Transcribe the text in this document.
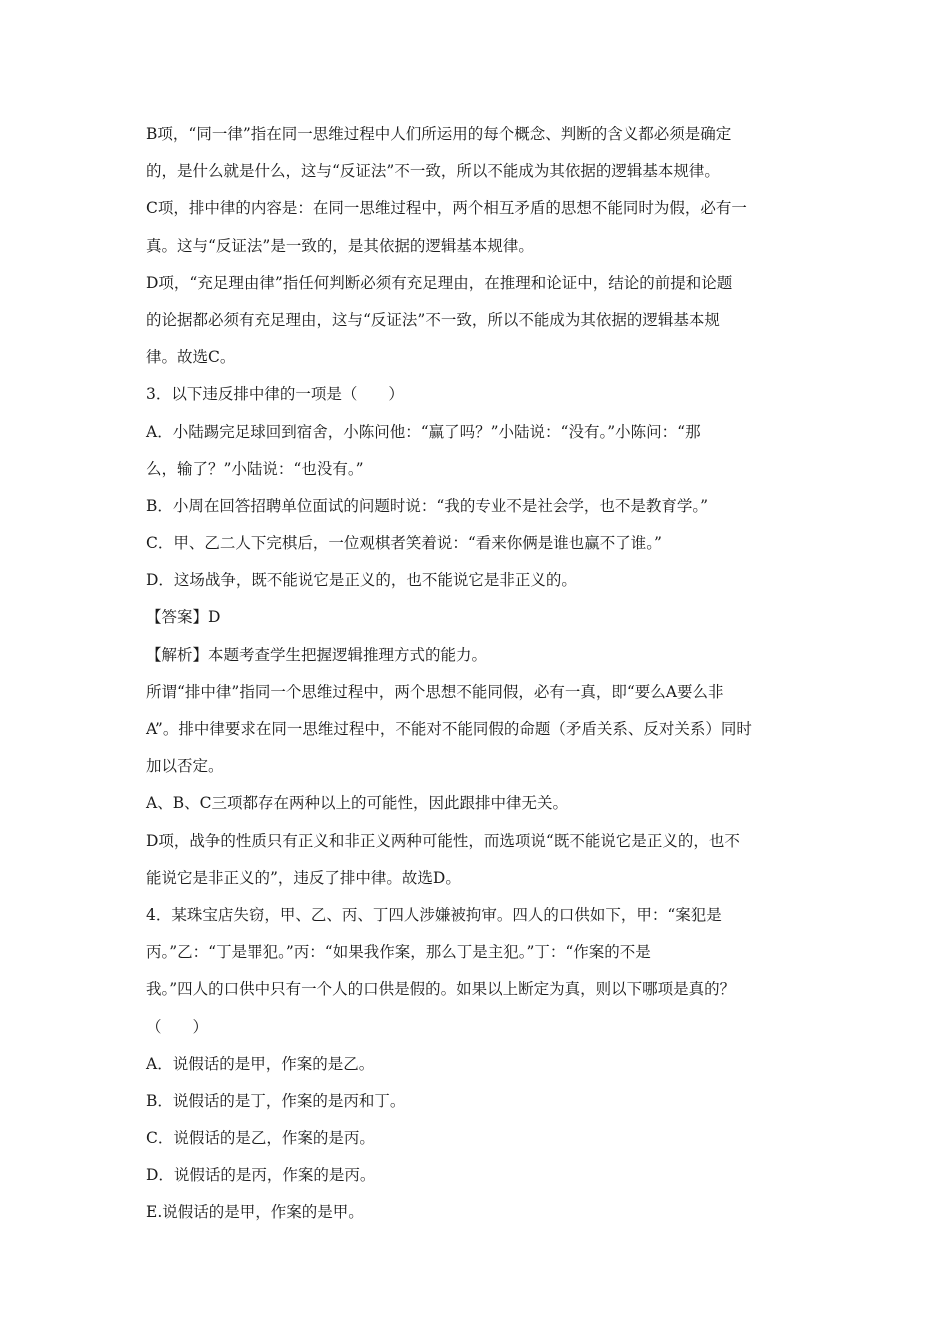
B项，“同一律”指在同一思维过程中人们所运用的每个概念、判断的含义都必须是确定
的，是什么就是什么，这与“反证法”不一致，所以不能成为其依据的逻辑基本规律。
C项，排中律的内容是：在同一思维过程中，两个相互矛盾的思想不能同时为假，必有一
真。这与“反证法”是一致的，是其依据的逻辑基本规律。
D项，“充足理由律”指任何判断必须有充足理由，在推理和论证中，结论的前提和论题
的论据都必须有充足理由，这与“反证法”不一致，所以不能成为其依据的逻辑基本规
律。故选C。
3．以下违反排中律的一项是（　　）
A．小陆踢完足球回到宿舍，小陈问他：“赢了吗？”小陆说：“没有。”小陈问：“那
么，输了？”小陆说：“也没有。”
B．小周在回答招聘单位面试的问题时说：“我的专业不是社会学，也不是教育学。”
C．甲、乙二人下完棋后，一位观棋者笑着说：“看来你俩是谁也赢不了谁。”
D．这场战争，既不能说它是正义的，也不能说它是非正义的。
【答案】D
【解析】本题考查学生把握逻辑推理方式的能力。
所谓“排中律”指同一个思维过程中，两个思想不能同假，必有一真，即“要么A要么非
A”。排中律要求在同一思维过程中，不能对不能同假的命题（矛盾关系、反对关系）同时
加以否定。
A、B、C三项都存在两种以上的可能性，因此跟排中律无关。
D项，战争的性质只有正义和非正义两种可能性，而选项说“既不能说它是正义的，也不
能说它是非正义的”，违反了排中律。故选D。
4．某珠宝店失窃，甲、乙、丙、丁四人涉嫌被拘审。四人的口供如下，甲：“案犯是
丙。”乙：“丁是罪犯。”丙：“如果我作案，那么丁是主犯。”丁：“作案的不是
我。”四人的口供中只有一个人的口供是假的。如果以上断定为真，则以下哪项是真的？
（　　）
A．说假话的是甲，作案的是乙。
B．说假话的是丁，作案的是丙和丁。
C．说假话的是乙，作案的是丙。
D．说假话的是丙，作案的是丙。
E.说假话的是甲，作案的是甲。
